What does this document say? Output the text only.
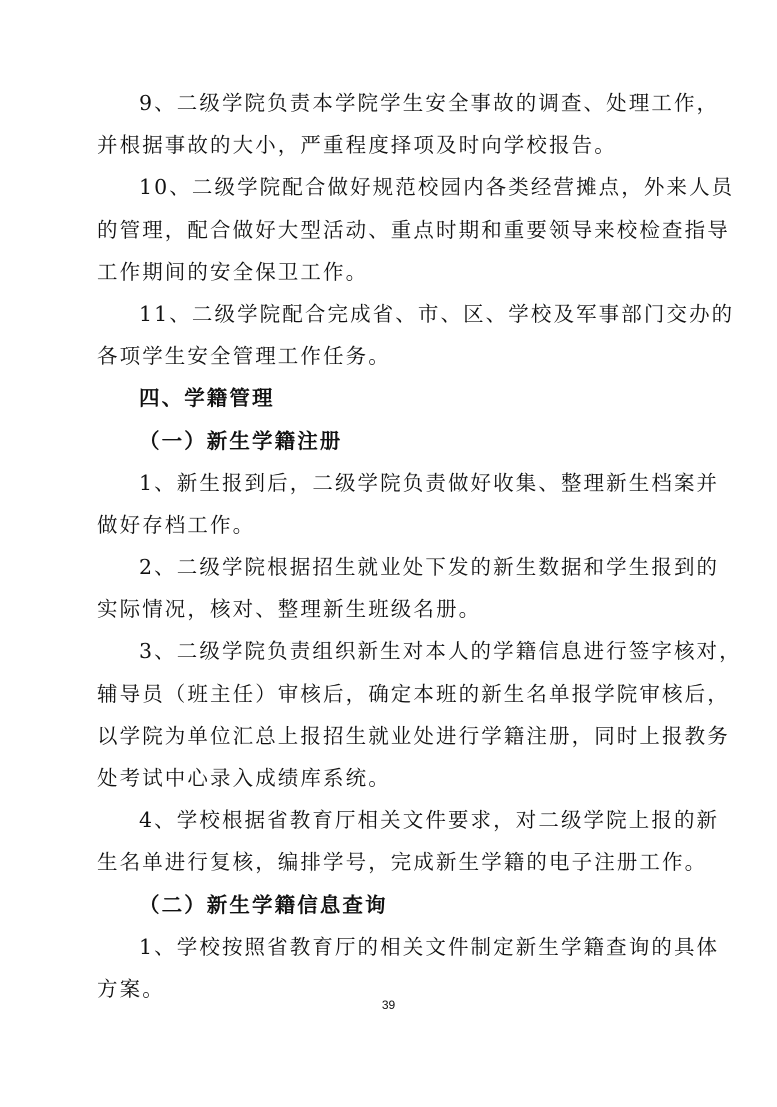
9、二级学院负责本学院学生安全事故的调查、处理工作，
并根据事故的大小，严重程度择项及时向学校报告。
10、二级学院配合做好规范校园内各类经营摊点，外来人员
的管理，配合做好大型活动、重点时期和重要领导来校检查指导
工作期间的安全保卫工作。
11、二级学院配合完成省、市、区、学校及军事部门交办的
各项学生安全管理工作任务。
四、学籍管理
（一）新生学籍注册
1、新生报到后，二级学院负责做好收集、整理新生档案并
做好存档工作。
2、二级学院根据招生就业处下发的新生数据和学生报到的
实际情况，核对、整理新生班级名册。
3、二级学院负责组织新生对本人的学籍信息进行签字核对，
辅导员（班主任）审核后，确定本班的新生名单报学院审核后，
以学院为单位汇总上报招生就业处进行学籍注册，同时上报教务
处考试中心录入成绩库系统。
4、学校根据省教育厅相关文件要求，对二级学院上报的新
生名单进行复核，编排学号，完成新生学籍的电子注册工作。
（二）新生学籍信息查询
1、学校按照省教育厅的相关文件制定新生学籍查询的具体
方案。
39
